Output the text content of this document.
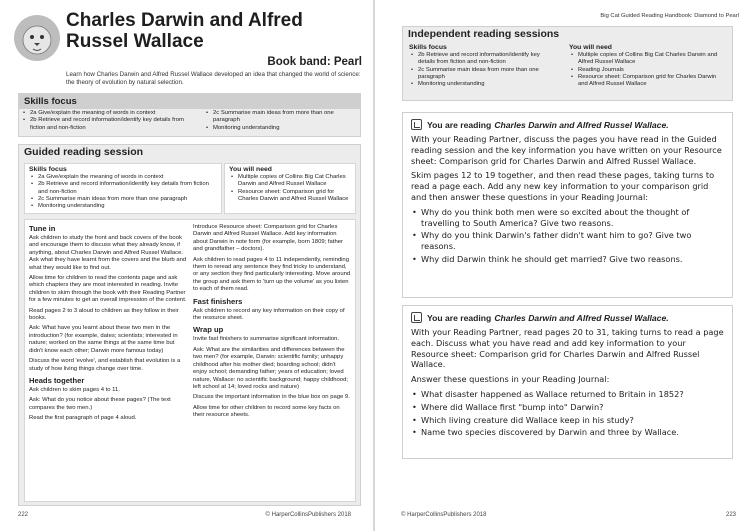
Charles Darwin and Alfred Russel Wallace
Book band: Pearl
Learn how Charles Darwin and Alfred Russel Wallace developed an idea that changed the world of science: the theory of evolution by natural selection.
Skills focus
• 2a Give/explain the meaning of words in context
• 2b Retrieve and record information/identify key details from fiction and non-fiction
• 2c Summarise main ideas from more than one paragraph
• Monitoring understanding
Guided reading session
Skills focus
• 2a Give/explain the meaning of words in context
• 2b Retrieve and record information/identify key details from fiction and non-fiction
• 2c Summarise main ideas from more than one paragraph
• Monitoring understanding
You will need
• Multiple copies of Collins Big Cat Charles Darwin and Alfred Russel Wallace
• Resource sheet: Comparison grid for Charles Darwin and Alfred Russel Wallace
Tune in

Ask children to study the front and back covers of the book and encourage them to discuss what they already know, if anything, about Charles Darwin and Alfred Russel Wallace. Ask what they have learnt from the covers and the blurb and what they would like to find out.

Allow time for children to read the contents page and ask which chapters they are most interested in reading. Invite children to skim through the book with their Reading Partner for a few minutes to get an overall impression of the content.

Read pages 2 to 3 aloud to children as they follow in their books.

Ask: What have you learnt about these two men in the introduction? (for example, dates; scientists; interested in nature; worked on the same things at the same time but didn't know each other; Darwin more famous today)

Discuss the word 'evolve', and establish that evolution is a study of how living things change over time.

Heads together

Ask children to skim pages 4 to 11.

Ask: What do you notice about these pages? (The text compares the two men.)

Read the first paragraph of page 4 aloud.

Introduce Resource sheet: Comparison grid for Charles Darwin and Alfred Russel Wallace. Add key information about Darwin in note form (for example, born 1809; father and grandfather – doctors).

Ask children to read pages 4 to 11 independently, reminding them to reread any sentence they find tricky to understand, or any section they find particularly interesting. Move around the group and ask them to 'turn up the volume' as you listen to each of them read.

Fast finishers

Ask children to record any key information on their copy of the resource sheet.

Wrap up

Invite fast finishers to summarise significant information.

Ask: What are the similarities and differences between the two men? (for example, Darwin: scientific family; unhappy childhood after his mother died; boarding school; didn't enjoy school; demanding father; years of education; loved nature, Wallace: no scientific background; happy childhood; left school at 14; loved rocks and nature)

Discuss the important information in the blue box on page 9.

Allow time for other children to record some key facts on their resource sheets.

222	© HarperCollinsPublishers 2018
Big Cat Guided Reading Handbook: Diamond to Pearl
Independent reading sessions
Skills focus
• 2b Retrieve and record information/identify key details from fiction and non-fiction
• 2c Summarise main ideas from more than one paragraph
• Monitoring understanding
You will need
• Multiple copies of Collins Big Cat Charles Darwin and Alfred Russel Wallace
• Reading Journals
• Resource sheet: Comparison grid for Charles Darwin and Alfred Russel Wallace
You are reading Charles Darwin and Alfred Russel Wallace.

With your Reading Partner, discuss the pages you have read in the Guided reading session and the key information you have written on your Resource sheet: Comparison grid for Charles Darwin and Alfred Russel Wallace.

Skim pages 12 to 19 together, and then read these pages, taking turns to read a page each. Add any new key information to your comparison grid and then answer these questions in your Reading Journal:

• Why do you think both men were so excited about the thought of travelling to South America? Give two reasons.
• Why do you think Darwin's father didn't want him to go? Give two reasons.
• Why did Darwin think he should get married? Give two reasons.
You are reading Charles Darwin and Alfred Russel Wallace.

With your Reading Partner, read pages 20 to 31, taking turns to read a page each. Discuss what you have read and add key information to your Resource sheet: Comparison grid for Charles Darwin and Alfred Russel Wallace.

Answer these questions in your Reading Journal:

• What disaster happened as Wallace returned to Britain in 1852?
• Where did Wallace first "bump into" Darwin?
• Which living creature did Wallace keep in his study?
• Name two species discovered by Darwin and three by Wallace.
© HarperCollinsPublishers 2018	223
